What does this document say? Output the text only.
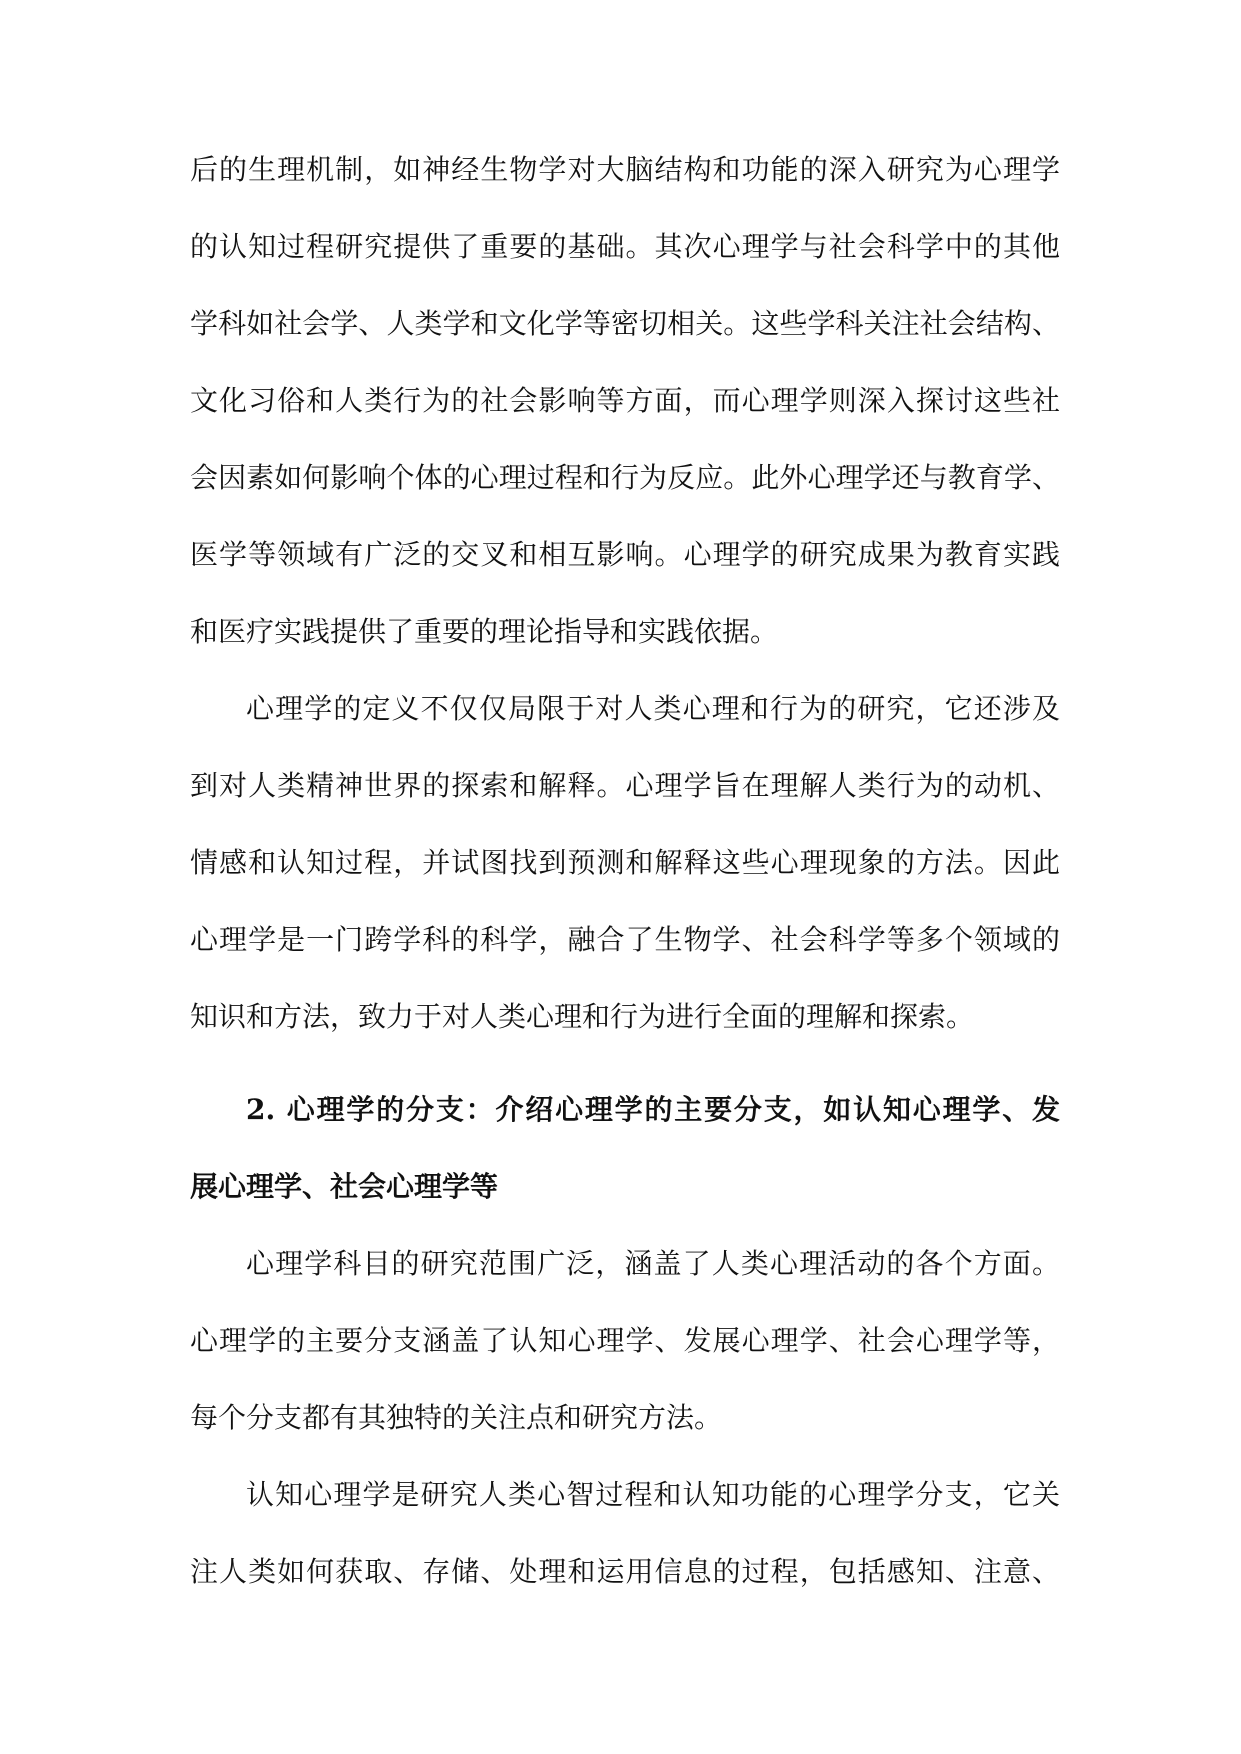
后的生理机制，如神经生物学对大脑结构和功能的深入研究为心理学
的认知过程研究提供了重要的基础。其次心理学与社会科学中的其他
学科如社会学、人类学和文化学等密切相关。这些学科关注社会结构、
文化习俗和人类行为的社会影响等方面，而心理学则深入探讨这些社
会因素如何影响个体的心理过程和行为反应。此外心理学还与教育学、
医学等领域有广泛的交叉和相互影响。心理学的研究成果为教育实践
和医疗实践提供了重要的理论指导和实践依据。
心理学的定义不仅仅局限于对人类心理和行为的研究，它还涉及
到对人类精神世界的探索和解释。心理学旨在理解人类行为的动机、
情感和认知过程，并试图找到预测和解释这些心理现象的方法。因此
心理学是一门跨学科的科学，融合了生物学、社会科学等多个领域的
知识和方法，致力于对人类心理和行为进行全面的理解和探索。
2. 心理学的分支：介绍心理学的主要分支，如认知心理学、发
展心理学、社会心理学等
心理学科目的研究范围广泛，涵盖了人类心理活动的各个方面。
心理学的主要分支涵盖了认知心理学、发展心理学、社会心理学等，
每个分支都有其独特的关注点和研究方法。
认知心理学是研究人类心智过程和认知功能的心理学分支，它关
注人类如何获取、存储、处理和运用信息的过程，包括感知、注意、
